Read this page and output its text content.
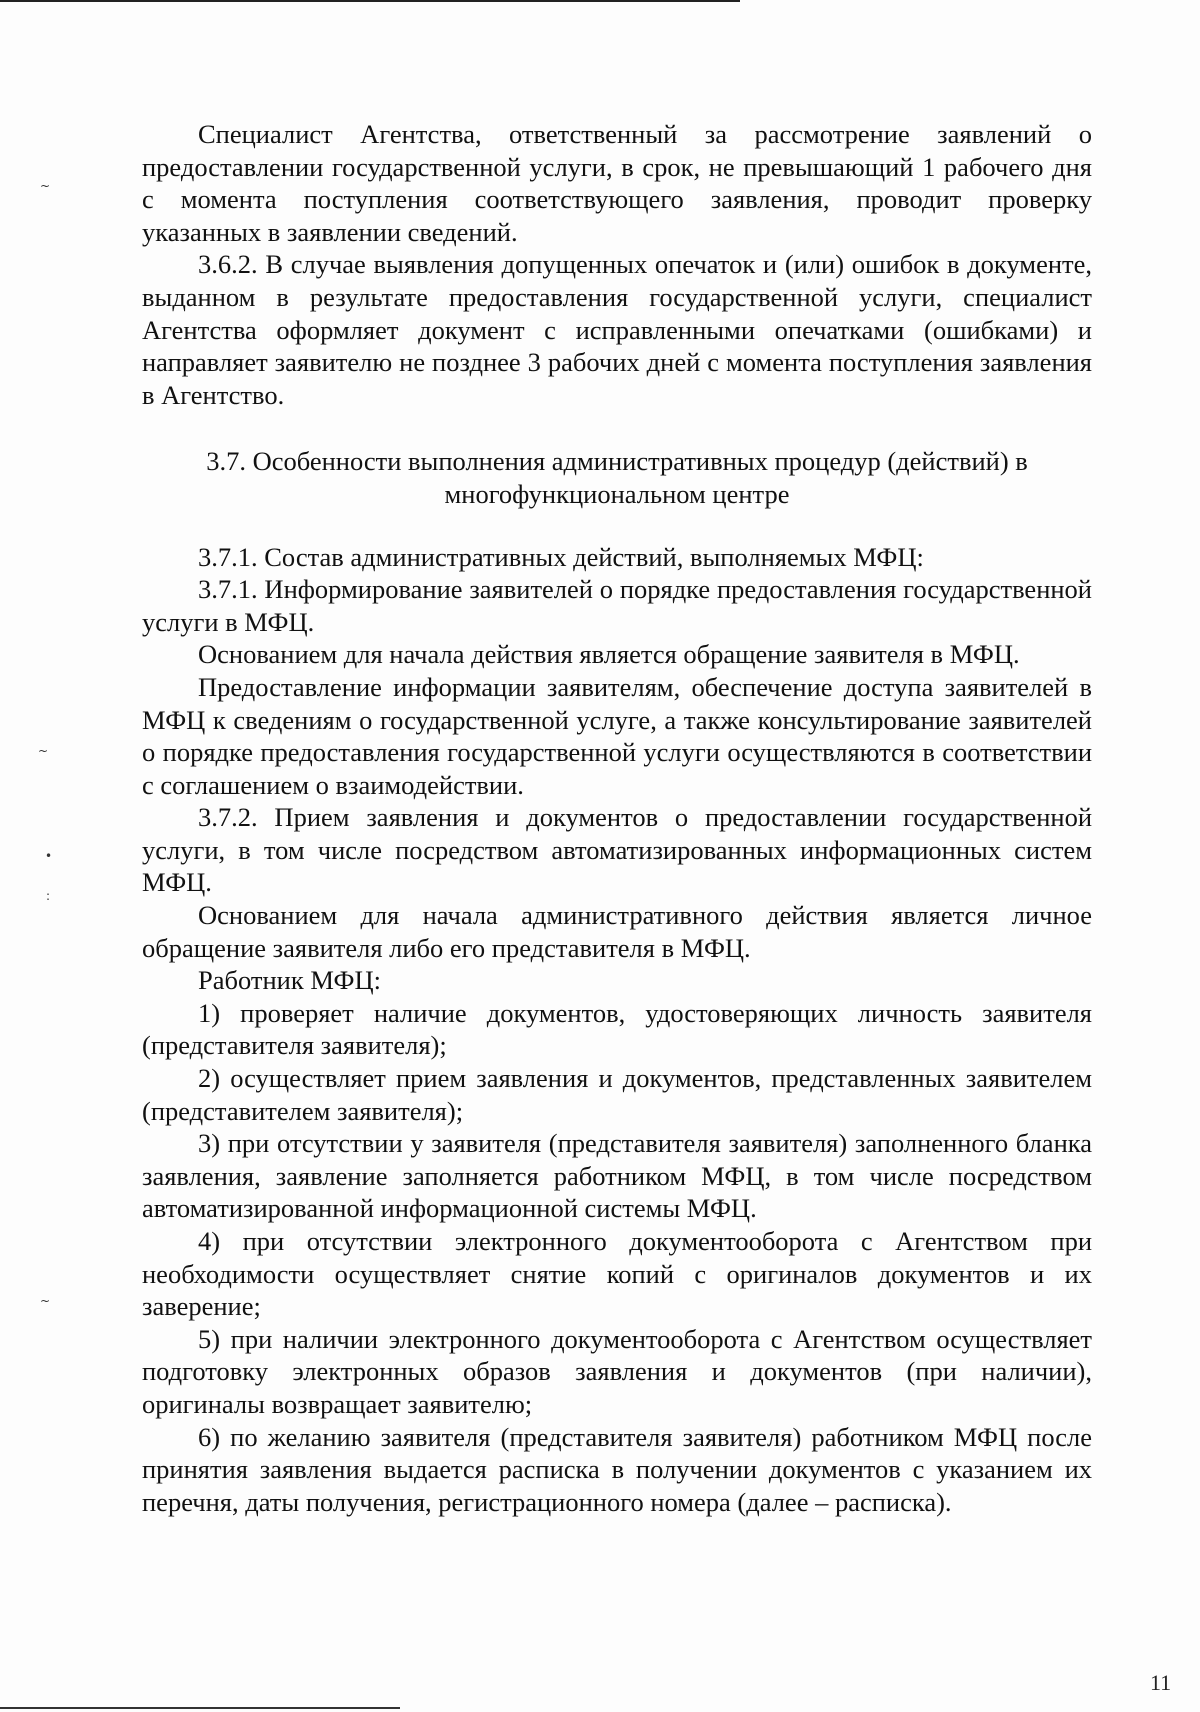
~
~
•
:
~

Специалист Агентства, ответственный за рассмотрение заявлений о предоставлении государственной услуги, в срок, не превышающий 1 рабочего дня с момента поступления соответствующего заявления, проводит проверку указанных в заявлении сведений.

3.6.2. В случае выявления допущенных опечаток и (или) ошибок в документе, выданном в результате предоставления государственной услуги, специалист Агентства оформляет документ с исправленными опечатками (ошибками) и направляет заявителю не позднее 3 рабочих дней с момента поступления заявления в Агентство.

3.7. Особенности выполнения административных процедур (действий) в
многофункциональном центре

3.7.1. Состав административных действий, выполняемых МФЦ:

3.7.1. Информирование заявителей о порядке предоставления государственной услуги в МФЦ.

Основанием для начала действия является обращение заявителя в МФЦ.

Предоставление информации заявителям, обеспечение доступа заявителей в МФЦ к сведениям о государственной услуге, а также консультирование заявителей о порядке предоставления государственной услуги осуществляются в соответствии с соглашением о взаимодействии.

3.7.2. Прием заявления и документов о предоставлении государственной услуги, в том числе посредством автоматизированных информационных систем МФЦ.

Основанием для начала административного действия является личное обращение заявителя либо его представителя в МФЦ.

Работник МФЦ:

1) проверяет наличие документов, удостоверяющих личность заявителя (представителя заявителя);

2) осуществляет прием заявления и документов, представленных заявителем (представителем заявителя);

3) при отсутствии у заявителя (представителя заявителя) заполненного бланка заявления, заявление заполняется работником МФЦ, в том числе посредством автоматизированной информационной системы МФЦ.

4) при отсутствии электронного документооборота с Агентством при необходимости осуществляет снятие копий с оригиналов документов и их заверение;

5) при наличии электронного документооборота с Агентством осуществляет подготовку электронных образов заявления и документов (при наличии), оригиналы возвращает заявителю;

6) по желанию заявителя (представителя заявителя) работником МФЦ после принятия заявления выдается расписка в получении документов с указанием их перечня, даты получения, регистрационного номера (далее – расписка).

11
